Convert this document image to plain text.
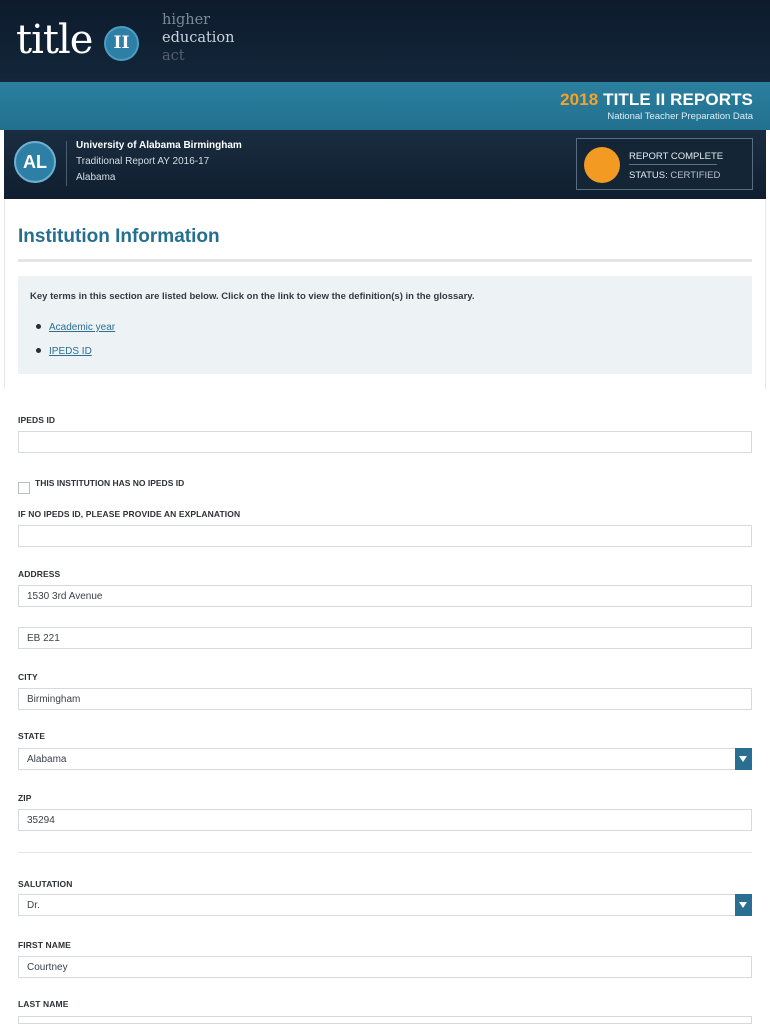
title	II
higher
education
act
2018 TITLE II REPORTS
National Teacher Preparation Data
AL
University of Alabama Birmingham
Traditional Report AY 2016-17
Alabama
REPORT COMPLETE
STATUS: CERTIFIED
Institution Information
Key terms in this section are listed below. Click on the link to view the definition(s) in the glossary.
Academic year
IPEDS ID
IPEDS ID
THIS INSTITUTION HAS NO IPEDS ID
IF NO IPEDS ID, PLEASE PROVIDE AN EXPLANATION
ADDRESS
1530 3rd Avenue
EB 221
CITY
Birmingham
STATE
Alabama
ZIP
35294
SALUTATION
Dr.
FIRST NAME
Courtney
LAST NAME
